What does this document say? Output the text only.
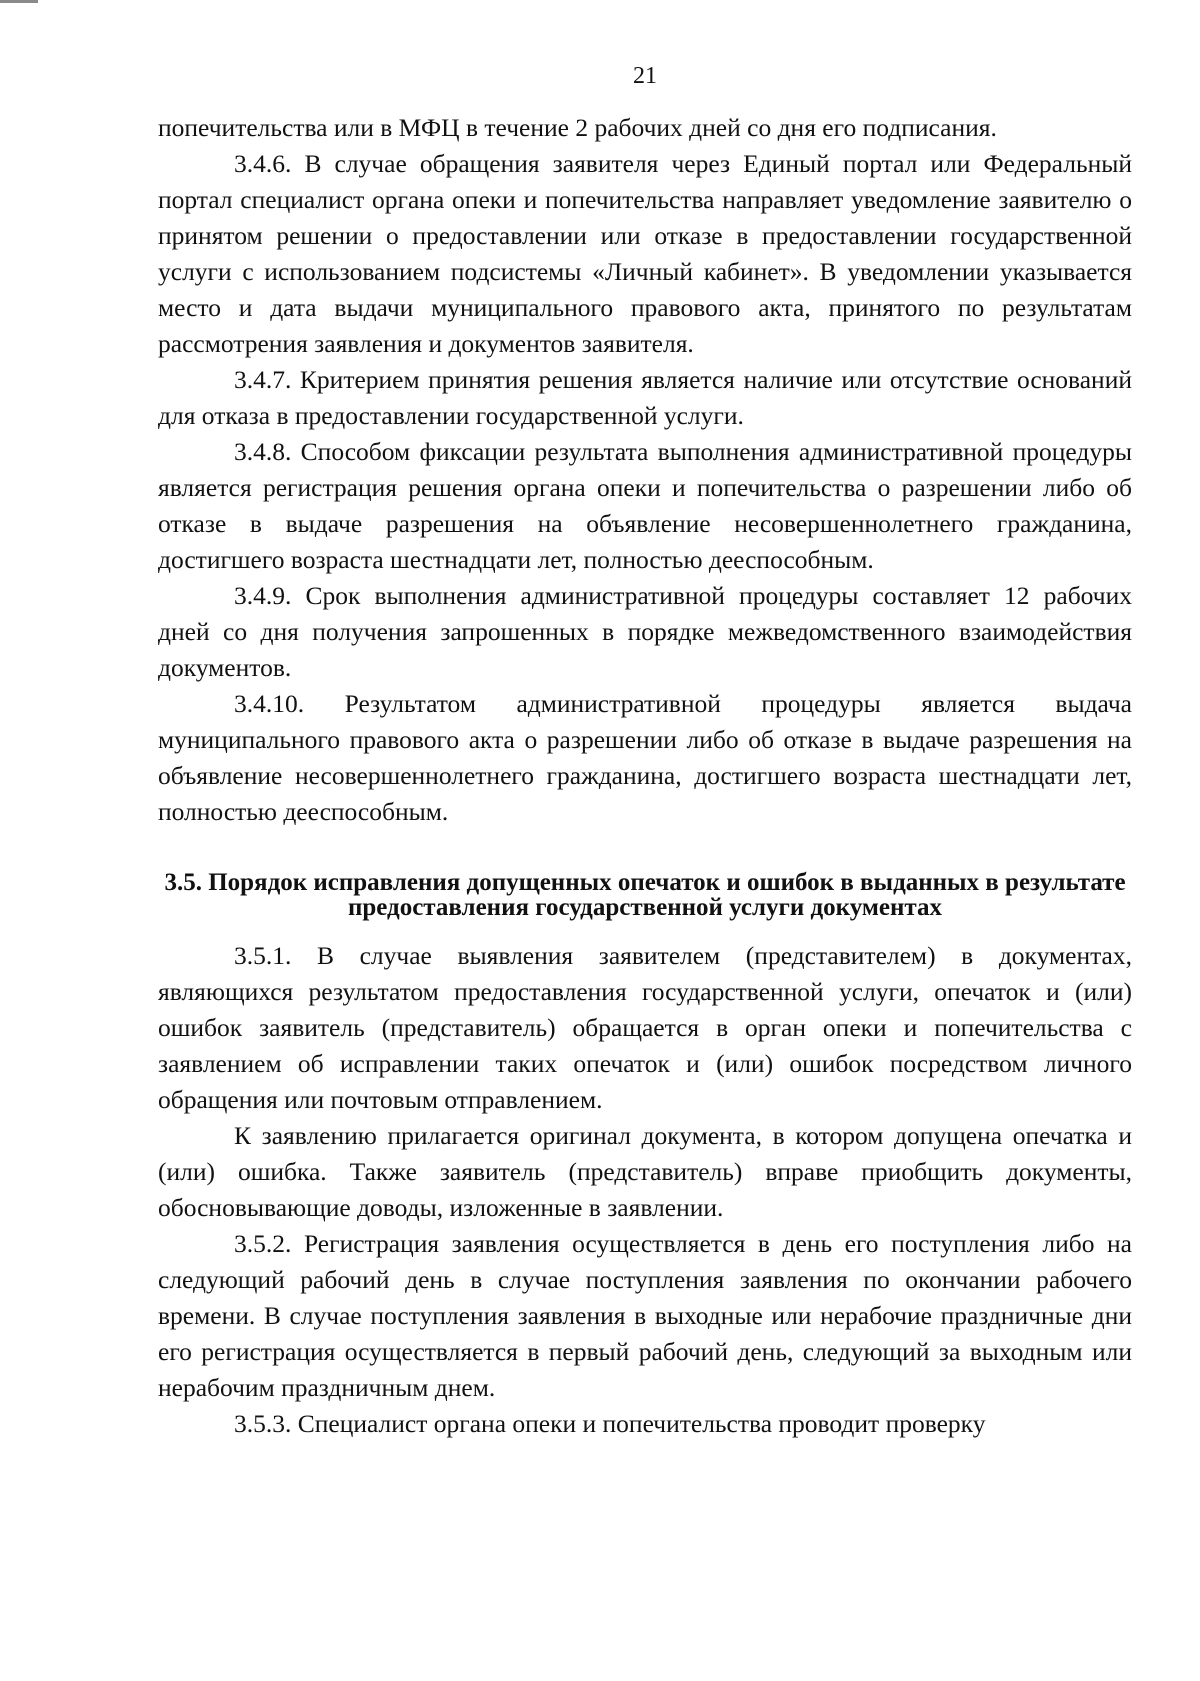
21

попечительства или в МФЦ в течение 2 рабочих дней со дня его подписания.

3.4.6. В случае обращения заявителя через Единый портал или Федеральный портал специалист органа опеки и попечительства направляет уведомление заявителю о принятом решении о предоставлении или отказе в предоставлении государственной услуги с использованием подсистемы «Личный кабинет». В уведомлении указывается место и дата выдачи муниципального правового акта, принятого по результатам рассмотрения заявления и документов заявителя.

3.4.7. Критерием принятия решения является наличие или отсутствие оснований для отказа в предоставлении государственной услуги.

3.4.8. Способом фиксации результата выполнения административной процедуры является регистрация решения органа опеки и попечительства о разрешении либо об отказе в выдаче разрешения на объявление несовершеннолетнего гражданина, достигшего возраста шестнадцати лет, полностью дееспособным.

3.4.9. Срок выполнения административной процедуры составляет 12 рабочих дней со дня получения запрошенных в порядке межведомственного взаимодействия документов.

3.4.10. Результатом административной процедуры является выдача муниципального правового акта о разрешении либо об отказе в выдаче разрешения на объявление несовершеннолетнего гражданина, достигшего возраста шестнадцати лет, полностью дееспособным.

3.5. Порядок исправления допущенных опечаток и ошибок в выданных в результате предоставления государственной услуги документах

3.5.1. В случае выявления заявителем (представителем) в документах, являющихся результатом предоставления государственной услуги, опечаток и (или) ошибок заявитель (представитель) обращается в орган опеки и попечительства с заявлением об исправлении таких опечаток и (или) ошибок посредством личного обращения или почтовым отправлением.

К заявлению прилагается оригинал документа, в котором допущена опечатка и (или) ошибка. Также заявитель (представитель) вправе приобщить документы, обосновывающие доводы, изложенные в заявлении.

3.5.2. Регистрация заявления осуществляется в день его поступления либо на следующий рабочий день в случае поступления заявления по окончании рабочего времени. В случае поступления заявления в выходные или нерабочие праздничные дни его регистрация осуществляется в первый рабочий день, следующий за выходным или нерабочим праздничным днем.

3.5.3. Специалист органа опеки и попечительства проводит проверку
